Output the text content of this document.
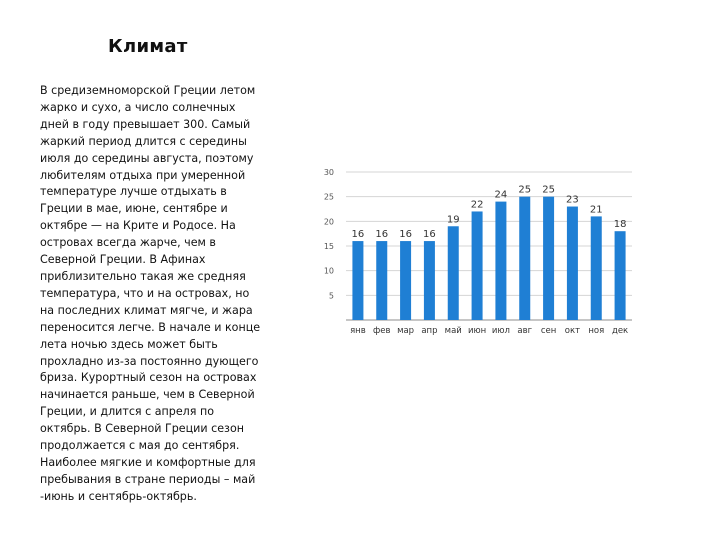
Климат
В средиземноморской Греции летом
жарко и сухо, а число солнечных
дней в году превышает 300. Самый
жаркий период длится с середины
июля до середины августа, поэтому
любителям отдыха при умеренной
температуре лучше отдыхать в
Греции в мае, июне, сентябре и
октябре — на Крите и Родосе. На
островах всегда жарче, чем в
Северной Греции. В Афинах
приблизительно такая же средняя
температура, что и на островах, но
на последних климат мягче, и жара
переносится легче. В начале и конце
лета ночью здесь может быть
прохладно из-за постоянно дующего
бриза. Курортный сезон на островах
начинается раньше, чем в Северной
Греции, и длится с апреля по
октябрь. В Северной Греции сезон
продолжается с мая до сентября.
Наиболее мягкие и комфортные для
пребывания в стране периоды – май
-июнь и сентябрь-октябрь.
5
10
15
20
25
30
16
янв
16
фев
16
мар
16
апр
19
май
22
июн
24
июл
25
авг
25
сен
23
окт
21
ноя
18
дек
